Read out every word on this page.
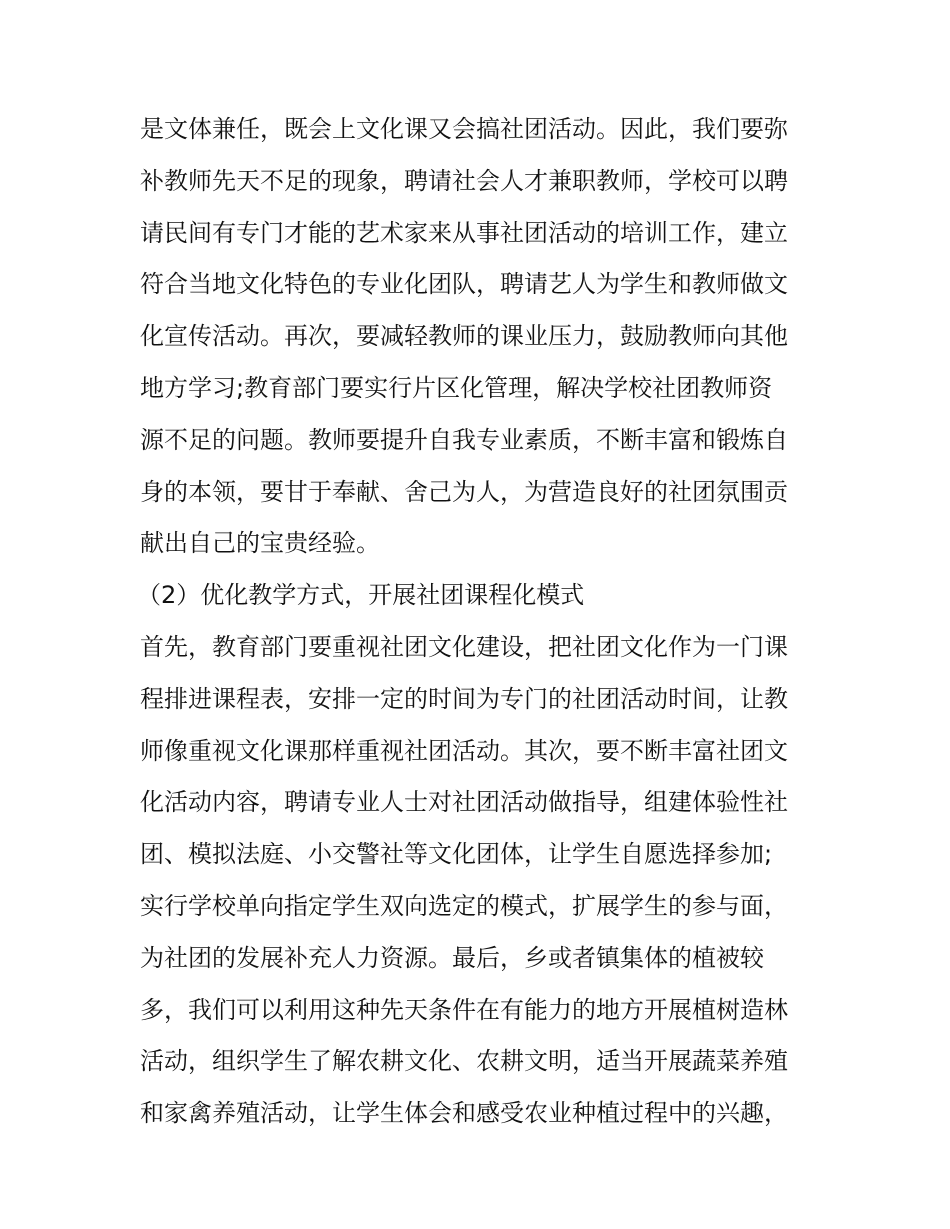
是文体兼任，既会上文化课又会搞社团活动。因此，我们要弥
补教师先天不足的现象，聘请社会人才兼职教师，学校可以聘
请民间有专门才能的艺术家来从事社团活动的培训工作，建立
符合当地文化特色的专业化团队，聘请艺人为学生和教师做文
化宣传活动。再次，要减轻教师的课业压力，鼓励教师向其他
地方学习;教育部门要实行片区化管理，解决学校社团教师资
源不足的问题。教师要提升自我专业素质，不断丰富和锻炼自
身的本领，要甘于奉献、舍己为人，为营造良好的社团氛围贡
献出自己的宝贵经验。
（2）优化教学方式，开展社团课程化模式
首先，教育部门要重视社团文化建设，把社团文化作为一门课
程排进课程表，安排一定的时间为专门的社团活动时间，让教
师像重视文化课那样重视社团活动。其次，要不断丰富社团文
化活动内容，聘请专业人士对社团活动做指导，组建体验性社
团、模拟法庭、小交警社等文化团体，让学生自愿选择参加;
实行学校单向指定学生双向选定的模式，扩展学生的参与面，
为社团的发展补充人力资源。最后，乡或者镇集体的植被较
多，我们可以利用这种先天条件在有能力的地方开展植树造林
活动，组织学生了解农耕文化、农耕文明，适当开展蔬菜养殖
和家禽养殖活动，让学生体会和感受农业种植过程中的兴趣，
